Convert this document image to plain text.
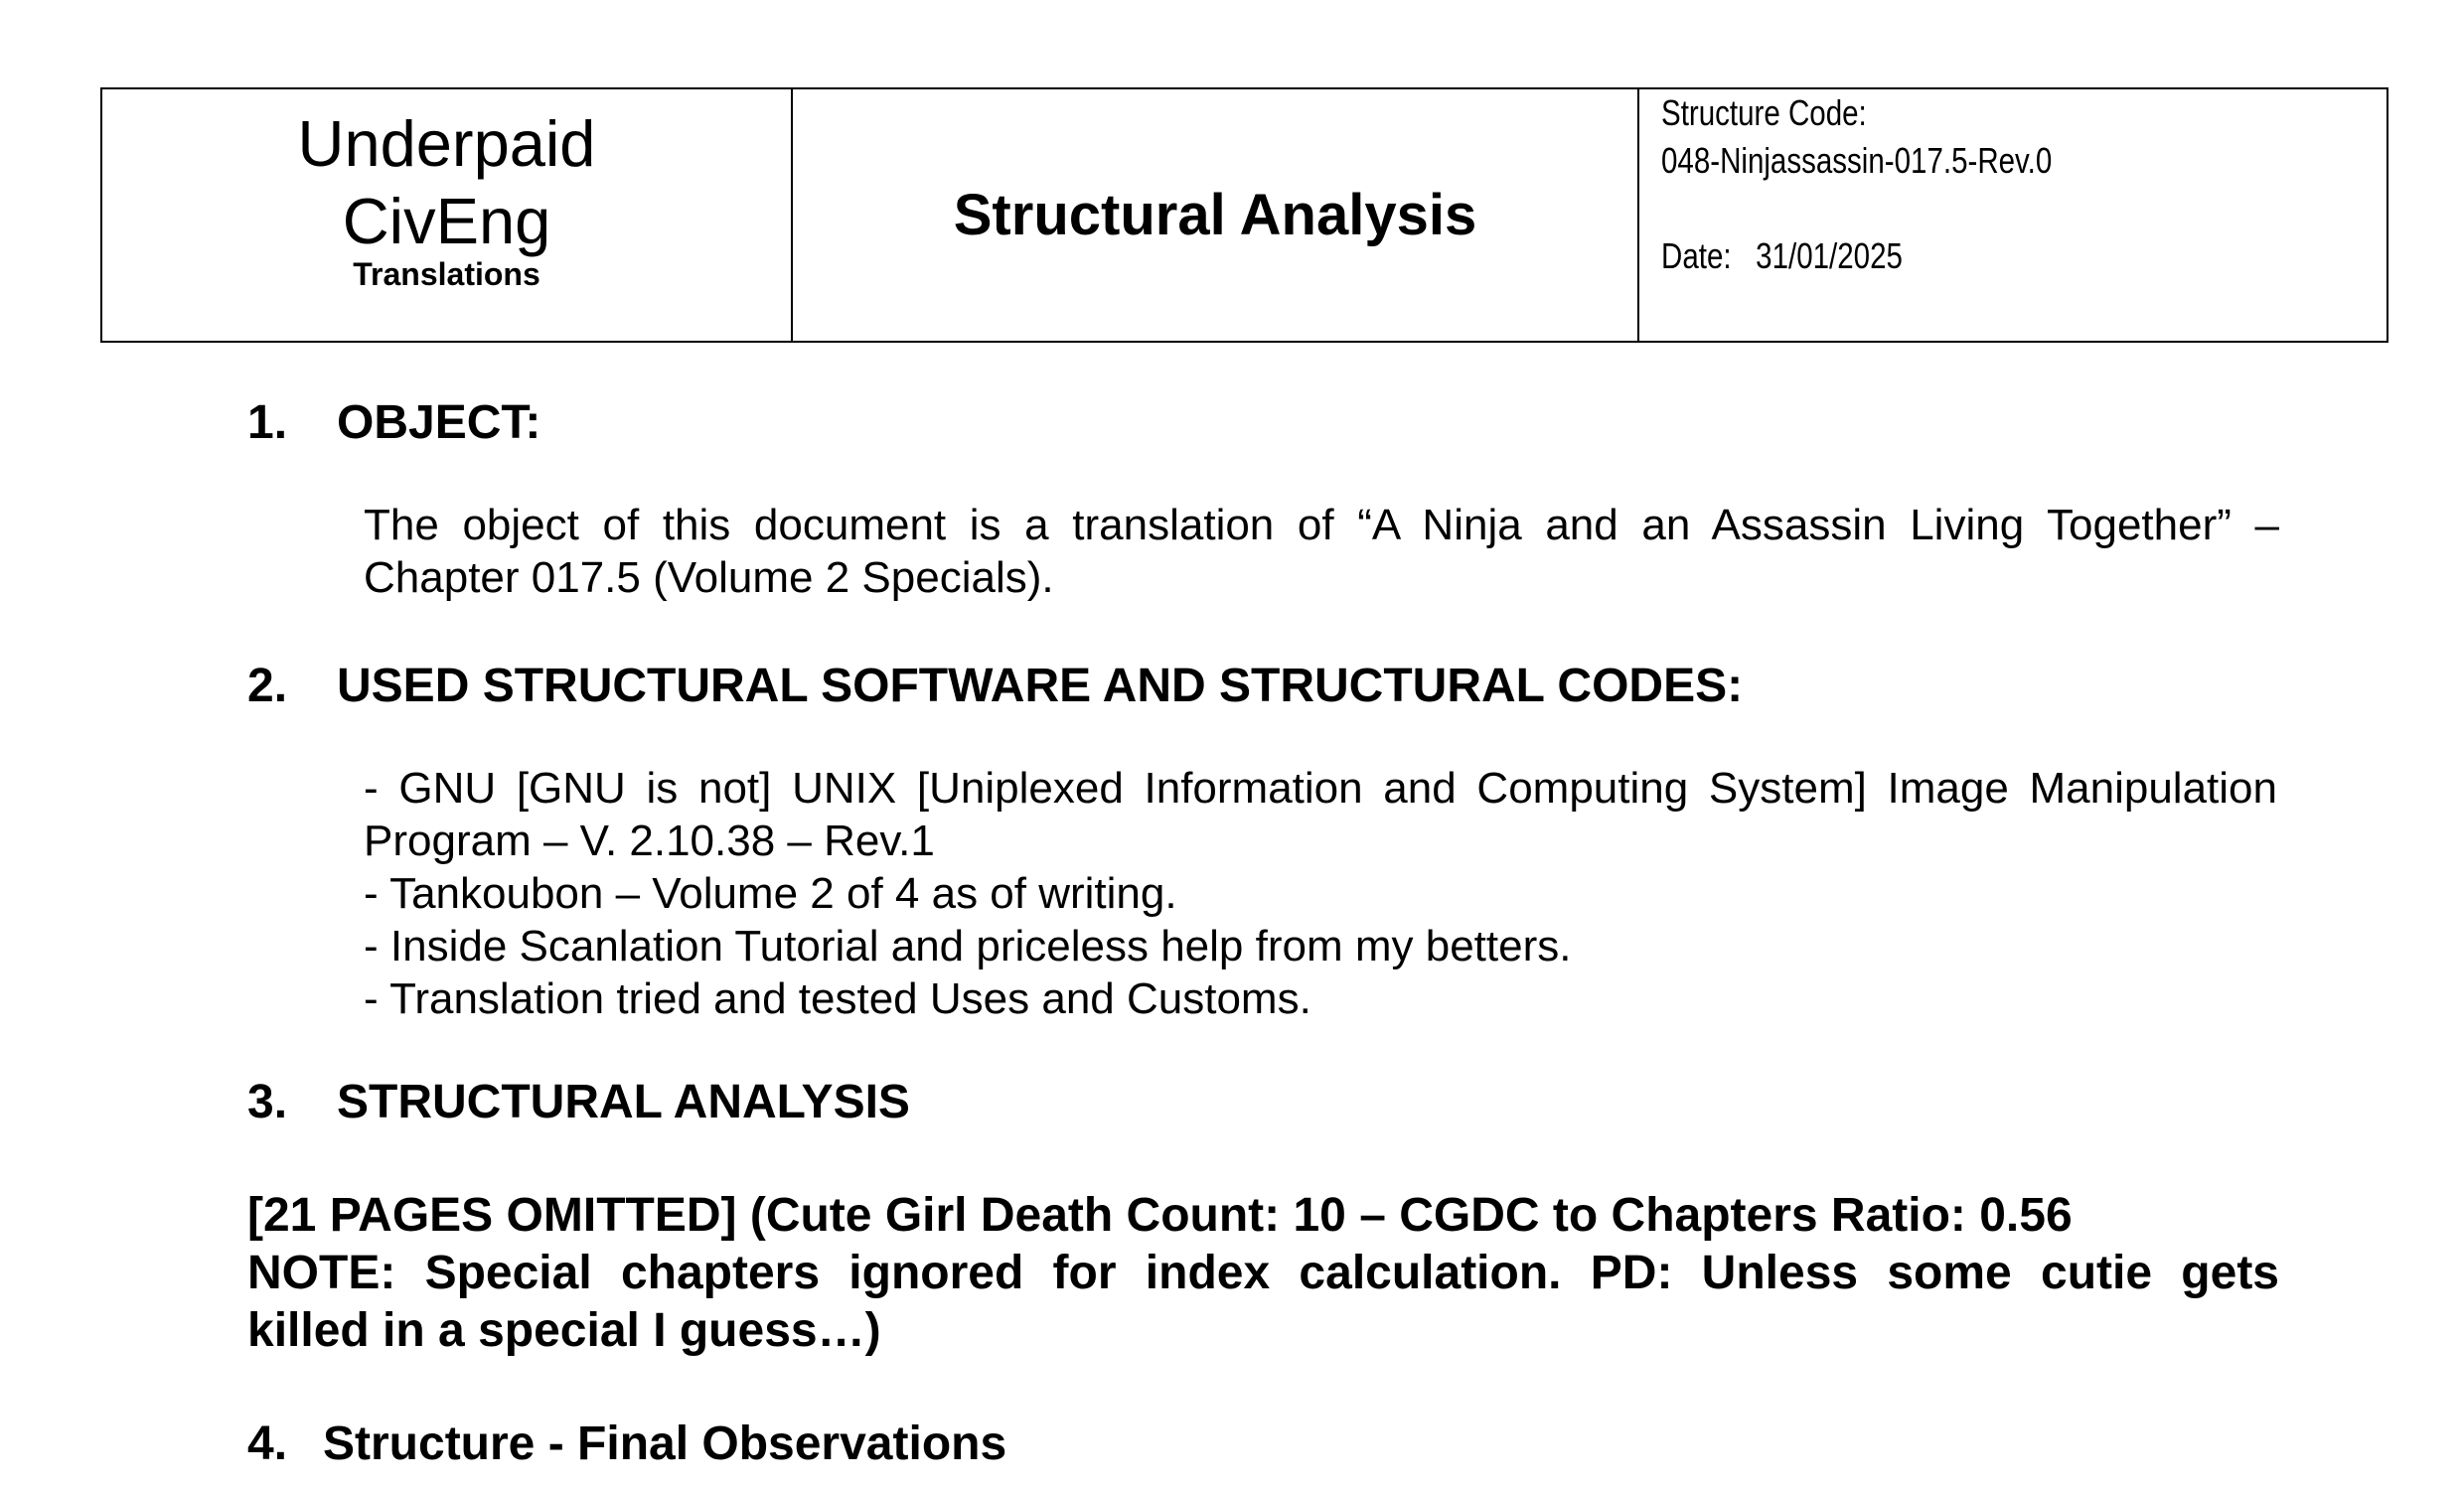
Underpaid
CivEng
Translations
Structural Analysis
Structure Code:
048-Ninjassassin-017.5-Rev.0
Date: 31/01/2025
1. OBJECT:
The object of this document is a translation of “A Ninja and an Assassin Living Together” –
Chapter 017.5 (Volume 2 Specials).
2. USED STRUCTURAL SOFTWARE AND STRUCTURAL CODES:
- GNU [GNU is not] UNIX [Uniplexed Information and Computing System] Image Manipulation
Program – V. 2.10.38 – Rev.1
- Tankoubon – Volume 2 of 4 as of writing.
- Inside Scanlation Tutorial and priceless help from my betters.
- Translation tried and tested Uses and Customs.
3. STRUCTURAL ANALYSIS
[21 PAGES OMITTED] (Cute Girl Death Count: 10 – CGDC to Chapters Ratio: 0.56
NOTE: Special chapters ignored for index calculation. PD: Unless some cutie gets
killed in a special I guess…)
4. Structure - Final Observations
